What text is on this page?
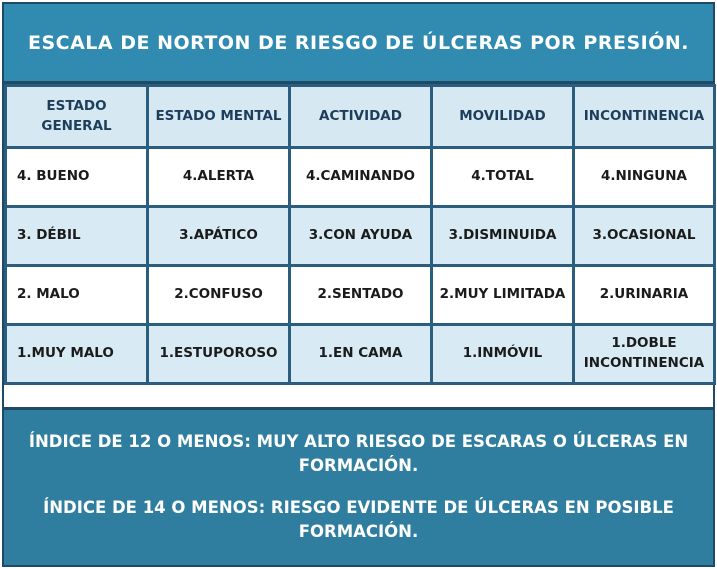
ESCALA DE NORTON DE RIESGO DE ÚLCERAS POR PRESIÓN.
ESTADO GENERAL	ESTADO MENTAL	ACTIVIDAD	MOVILIDAD	INCONTINENCIA
4. BUENO	4.ALERTA	4.CAMINANDO	4.TOTAL	4.NINGUNA
3. DÉBIL	3.APÁTICO	3.CON AYUDA	3.DISMINUIDA	3.OCASIONAL
2. MALO	2.CONFUSO	2.SENTADO	2.MUY LIMITADA	2.URINARIA
1.MUY MALO	1.ESTUPOROSO	1.EN CAMA	1.INMÓVIL	1.DOBLE INCONTINENCIA

ÍNDICE DE 12 O MENOS: MUY ALTO RIESGO DE ESCARAS O ÚLCERAS EN FORMACIÓN.

ÍNDICE DE 14 O MENOS: RIESGO EVIDENTE DE ÚLCERAS EN POSIBLE FORMACIÓN.
